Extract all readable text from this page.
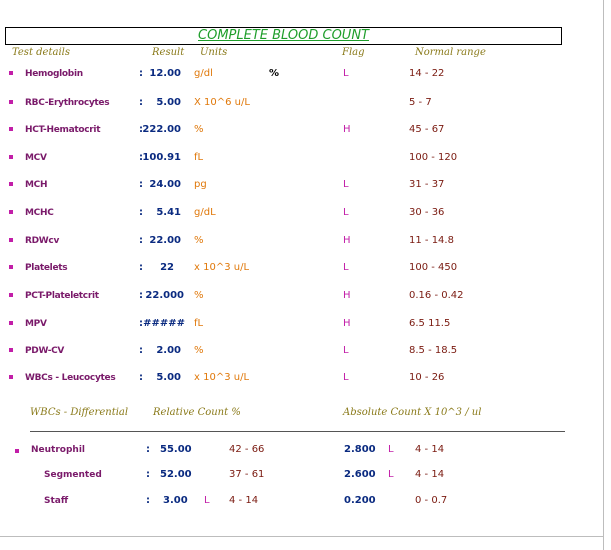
COMPLETE BLOOD COUNT
Test details	Result Units	Flag	Normal range
Hemoglobin	: 12.00 g/dl	%	L	14 - 22
RBC-Erythrocytes	:	5.00 X 10^6 u/L	5 - 7
HCT-Hematocrit	: 222.00 %	H	45 - 67
MCV	: 100.91 fL	100 - 120
MCH	: 24.00 pg	L	31 - 37
MCHC	:	5.41 g/dL	L	30 - 36
RDWcv	: 22.00 %	H	11 - 14.8
Platelets	:	22 x 10^3 u/L	L	100 - 450
PCT-Plateletcrit	: 22.000 %	H	0.16 - 0.42
MPV	: ##### fL	H	6.5 11.5
PDW-CV	:	2.00 %	L	8.5 - 18.5
WBCs - Leucocytes :	5.00 x 10^3 u/L	L	10 - 26
WBCs - Differential Relative Count %	Absolute Count X 10^3 / ul
Neutrophil	: 55.00	42 - 66	2.800 L 4 - 14
Segmented	: 52.00	37 - 61	2.600 L 4 - 14
Staff	: 3.00 L 4 - 14	0.200	0 - 0.7
